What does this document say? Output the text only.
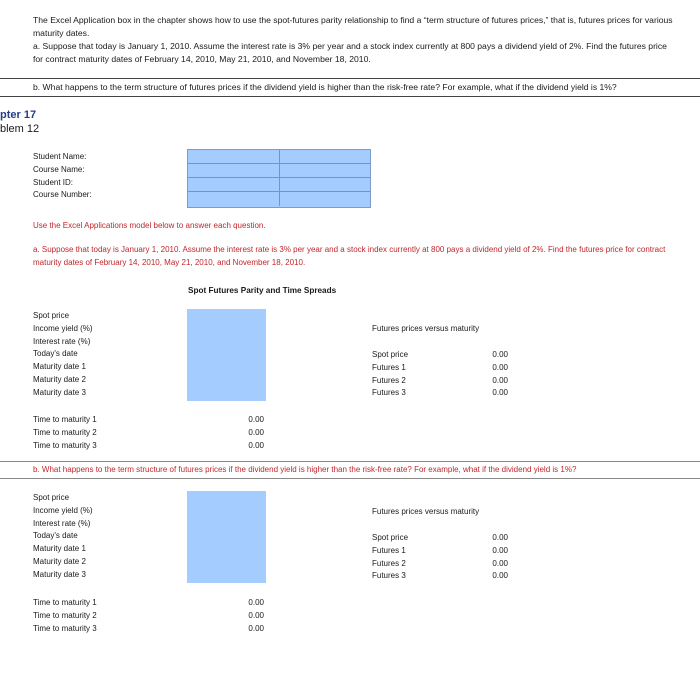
The Excel Application box in the chapter shows how to use the spot-futures parity relationship to find a “term structure of futures prices,” that is, futures prices for various maturity dates.

a. Suppose that today is January 1, 2010. Assume the interest rate is 3% per year and a stock index currently at 800 pays a dividend yield of 2%. Find the futures price for contract maturity dates of February 14, 2010, May 21, 2010, and November 18, 2010.

b. What happens to the term structure of futures prices if the dividend yield is higher than the risk-free rate? For example, what if the dividend yield is 1%?
pter 17
blem 12
Student Name:
Course Name:
Student ID:
Course Number:
Use the Excel Applications model below to answer each question.
a. Suppose that today is January 1, 2010. Assume the interest rate is 3% per year and a stock index currently at 800 pays a dividend yield of 2%. Find the futures price for contract maturity dates of February 14, 2010, May 21, 2010, and November 18, 2010.
Spot Futures Parity and Time Spreads
Spot price
Income yield (%)
Interest rate (%)
Today's date
Maturity date 1
Maturity date 2
Maturity date 3
Futures prices versus maturity
Spot price
Futures 1
Futures 2
Futures 3
0.00
0.00
0.00
0.00
Time to maturity 1
Time to maturity 2
Time to maturity 3
0.00
0.00
0.00
b. What happens to the term structure of futures prices if the dividend yield is higher than the risk-free rate? For example, what if the dividend yield is 1%?
Spot price
Income yield (%)
Interest rate (%)
Today's date
Maturity date 1
Maturity date 2
Maturity date 3
Futures prices versus maturity
Spot price
Futures 1
Futures 2
Futures 3
0.00
0.00
0.00
0.00
Time to maturity 1
Time to maturity 2
Time to maturity 3
0.00
0.00
0.00
